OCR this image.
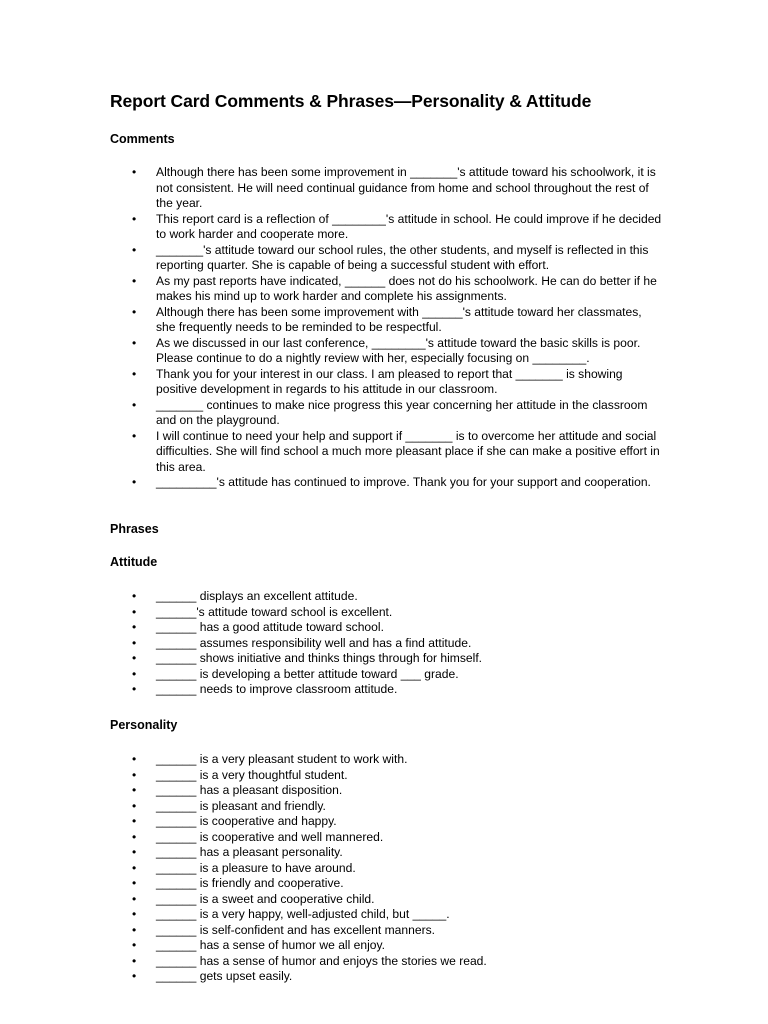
Report Card Comments & Phrases—Personality & Attitude
Comments
• Although there has been some improvement in _______'s attitude toward his schoolwork, it is not consistent. He will need continual guidance from home and school throughout the rest of the year.
• This report card is a reflection of ________'s attitude in school. He could improve if he decided to work harder and cooperate more.
• _______'s attitude toward our school rules, the other students, and myself is reflected in this reporting quarter. She is capable of being a successful student with effort.
• As my past reports have indicated, ______ does not do his schoolwork. He can do better if he makes his mind up to work harder and complete his assignments.
• Although there has been some improvement with ______'s attitude toward her classmates, she frequently needs to be reminded to be respectful.
• As we discussed in our last conference, ________'s attitude toward the basic skills is poor. Please continue to do a nightly review with her, especially focusing on ________.
• Thank you for your interest in our class. I am pleased to report that _______ is showing positive development in regards to his attitude in our classroom.
• _______ continues to make nice progress this year concerning her attitude in the classroom and on the playground.
• I will continue to need your help and support if _______ is to overcome her attitude and social difficulties. She will find school a much more pleasant place if she can make a positive effort in this area.
• _________'s attitude has continued to improve. Thank you for your support and cooperation.
Phrases
Attitude
• ______ displays an excellent attitude.
• ______'s attitude toward school is excellent.
• ______ has a good attitude toward school.
• ______ assumes responsibility well and has a find attitude.
• ______ shows initiative and thinks things through for himself.
• ______ is developing a better attitude toward ___ grade.
• ______ needs to improve classroom attitude.
Personality
• ______ is a very pleasant student to work with.
• ______ is a very thoughtful student.
• ______ has a pleasant disposition.
• ______ is pleasant and friendly.
• ______ is cooperative and happy.
• ______ is cooperative and well mannered.
• ______ has a pleasant personality.
• ______ is a pleasure to have around.
• ______ is friendly and cooperative.
• ______ is a sweet and cooperative child.
• ______ is a very happy, well-adjusted child, but _____.
• ______ is self-confident and has excellent manners.
• ______ has a sense of humor we all enjoy.
• ______ has a sense of humor and enjoys the stories we read.
• ______ gets upset easily.
